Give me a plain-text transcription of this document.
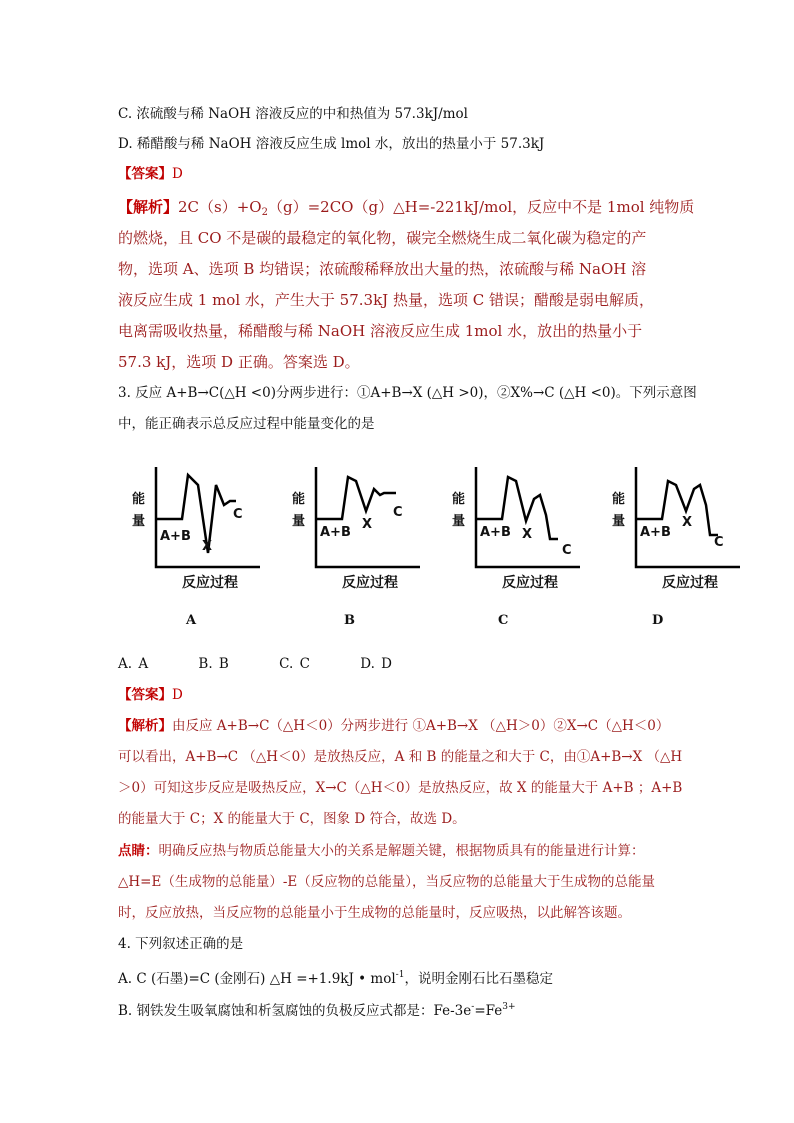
C. 浓硫酸与稀 NaOH 溶液反应的中和热值为 57.3kJ/mol
D. 稀醋酸与稀 NaOH 溶液反应生成 lmol 水，放出的热量小于 57.3kJ
【答案】D
【解析】$2C(s)+O_2(g)=2CO(g)\triangle H=-221kJ$/mol，反应中不是 1mol 纯物质
的燃烧，且 CO 不是碳的最稳定的氧化物，碳完全燃烧生成二氧化碳为稳定的产
物，选项 A、选项 B 均错误；浓硫酸稀释放出大量的热，浓硫酸与稀 NaOH 溶
液反应生成 1 mol 水，产生大于 57.3kJ 热量，选项 C 错误；醋酸是弱电解质，
电离需吸收热量，稀醋酸与稀 NaOH 溶液反应生成 1mol 水，放出的热量小于
57.3 kJ，选项 D 正确。答案选 D。
3. 反应 A+B→C(△H <0)分两步进行：①A+B→X (△H >0)，②X%→C (△H <0)。下列示意图
中，能正确表示总反应过程中能量变化的是
能
量
A+B
X
C
反应过程
A
能
量
A+B
X
C
反应过程
B
能
量
A+B X
C
反应过程
C
能
量
A+B
X
C
反应过程
D
A. A        B. B        C. C        D. D
【答案】D
【解析】由反应 A+B→C（△H＜0）分两步进行 ①A+B→X （△H＞0）②X→C（△H＜0）
可以看出，A+B→C （△H＜0）是放热反应，A 和 B 的能量之和大于 C，由①A+B→X （△H
＞0）可知这步反应是吸热反应，X→C（△H＜0）是放热反应，故 X 的能量大于 A+B ；A+B
的能量大于 C；X 的能量大于 C，图象 D 符合，故选 D。
点睛：明确反应热与物质总能量大小的关系是解题关键，根据物质具有的能量进行计算：
△H=E（生成物的总能量）-E（反应物的总能量），当反应物的总能量大于生成物的总能量
时，反应放热，当反应物的总能量小于生成物的总能量时，反应吸热，以此解答该题。
4. 下列叙述正确的是
A. C (石墨)=C (金刚石) △H =+1.9kJ • mol$^{-1}$，说明金刚石比石墨稳定
B. 钢铁发生吸氧腐蚀和析氢腐蚀的负极反应式都是：$Fe-3e^-=Fe^{3+}$
